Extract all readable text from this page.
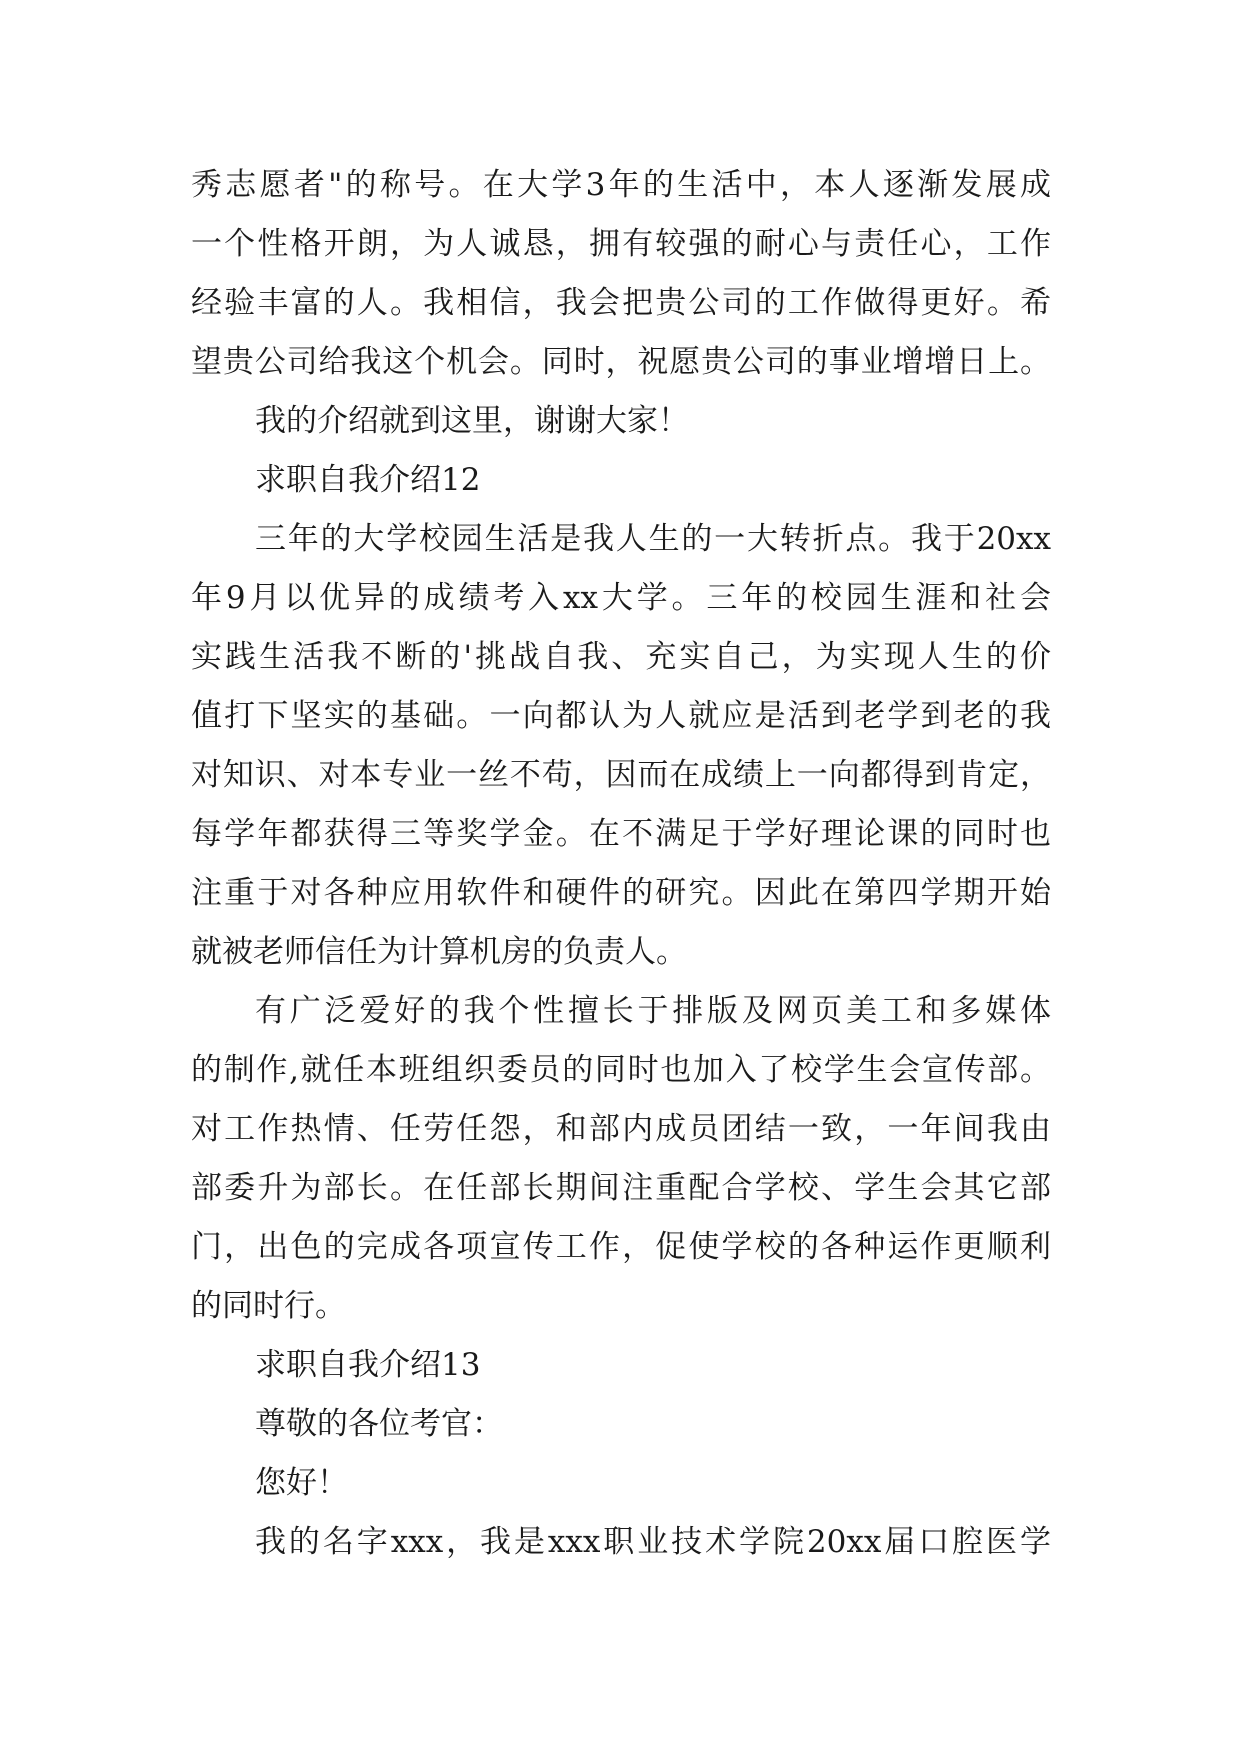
秀志愿者"的称号。在大学3年的生活中，本人逐渐发展成
一个性格开朗，为人诚恳，拥有较强的耐心与责任心，工作
经验丰富的人。我相信，我会把贵公司的工作做得更好。希
望贵公司给我这个机会。同时，祝愿贵公司的事业增增日上。
我的介绍就到这里，谢谢大家！
求职自我介绍12
三年的大学校园生活是我人生的一大转折点。我于20xx
年9月以优异的成绩考入xx大学。三年的校园生涯和社会
实践生活我不断的'挑战自我、充实自己，为实现人生的价
值打下坚实的基础。一向都认为人就应是活到老学到老的我
对知识、对本专业一丝不苟，因而在成绩上一向都得到肯定，
每学年都获得三等奖学金。在不满足于学好理论课的同时也
注重于对各种应用软件和硬件的研究。因此在第四学期开始
就被老师信任为计算机房的负责人。
有广泛爱好的我个性擅长于排版及网页美工和多媒体
的制作,就任本班组织委员的同时也加入了校学生会宣传部。
对工作热情、任劳任怨，和部内成员团结一致，一年间我由
部委升为部长。在任部长期间注重配合学校、学生会其它部
门，出色的完成各项宣传工作，促使学校的各种运作更顺利
的同时行。
求职自我介绍13
尊敬的各位考官：
您好！
我的名字xxx，我是xxx职业技术学院20xx届口腔医学
